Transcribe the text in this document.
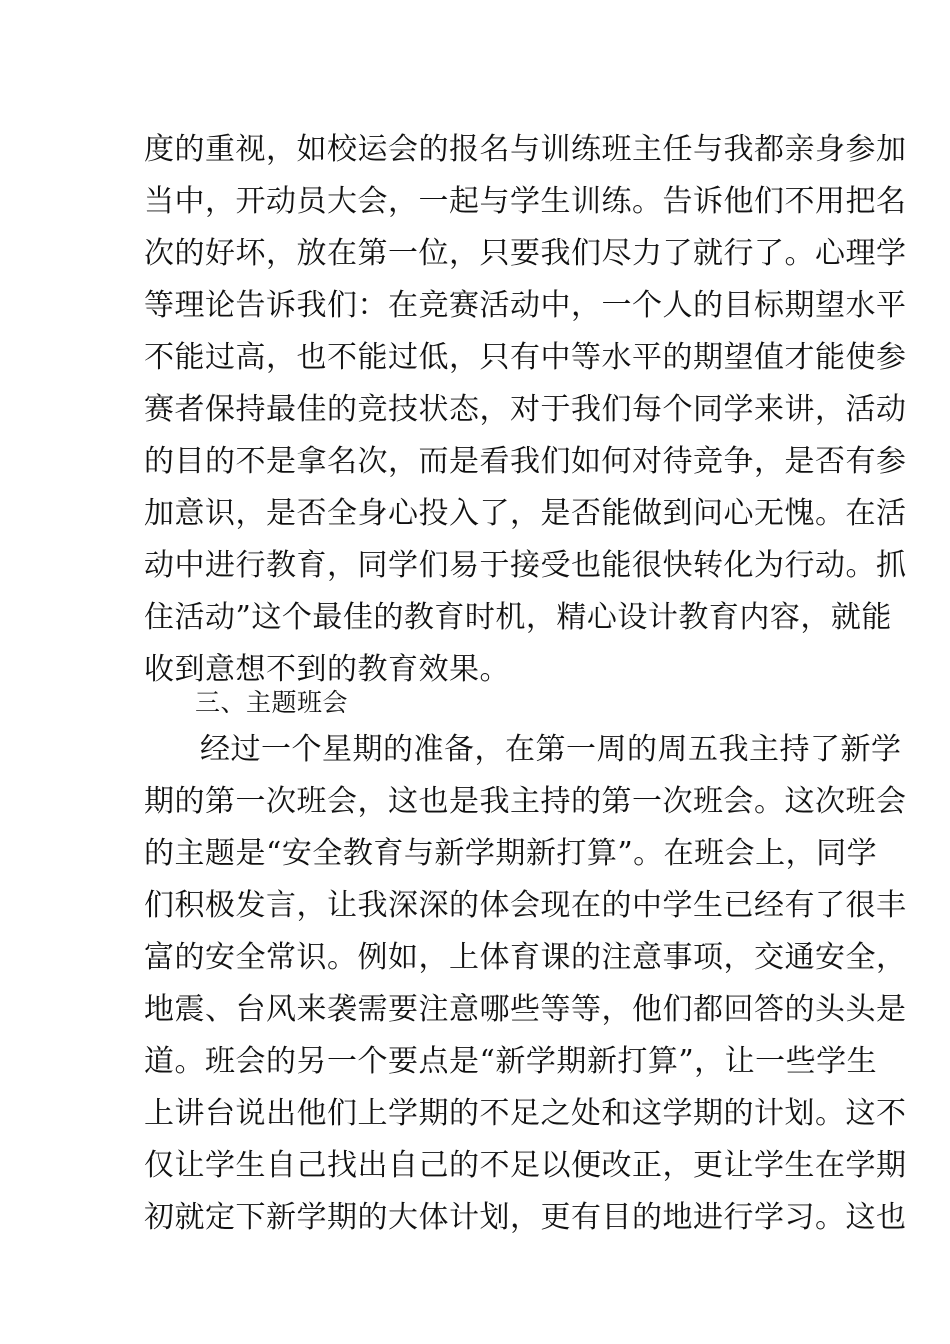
度的重视，如校运会的报名与训练班主任与我都亲身参加
当中，开动员大会，一起与学生训练。告诉他们不用把名
次的好坏，放在第一位，只要我们尽力了就行了。心理学
等理论告诉我们：在竞赛活动中，一个人的目标期望水平
不能过高，也不能过低，只有中等水平的期望值才能使参
赛者保持最佳的竞技状态，对于我们每个同学来讲，活动
的目的不是拿名次，而是看我们如何对待竞争，是否有参
加意识，是否全身心投入了，是否能做到问心无愧。在活
动中进行教育，同学们易于接受也能很快转化为行动。抓
住活动”这个最佳的教育时机，精心设计教育内容，就能
收到意想不到的教育效果。
三、主题班会
经过一个星期的准备，在第一周的周五我主持了新学
期的第一次班会，这也是我主持的第一次班会。这次班会
的主题是“安全教育与新学期新打算”。在班会上，同学
们积极发言，让我深深的体会现在的中学生已经有了很丰
富的安全常识。例如，上体育课的注意事项，交通安全，
地震、台风来袭需要注意哪些等等，他们都回答的头头是
道。班会的另一个要点是“新学期新打算”，让一些学生
上讲台说出他们上学期的不足之处和这学期的计划。这不
仅让学生自己找出自己的不足以便改正，更让学生在学期
初就定下新学期的大体计划，更有目的地进行学习。这也
